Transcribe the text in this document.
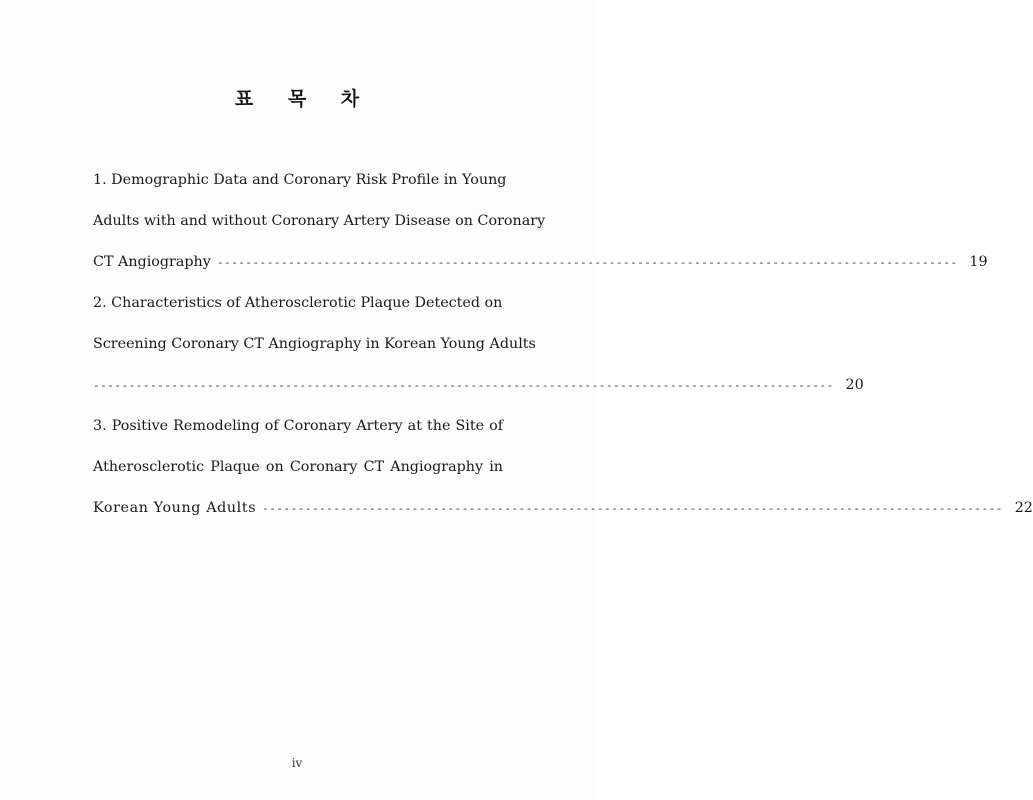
표 목 차
1. Demographic Data and Coronary Risk Profile in Young
Adults with and without Coronary Artery Disease on Coronary
CT Angiography -------------------------------------------------------------------------------------------------------- 19
2. Characteristics of Atherosclerotic Plaque Detected on
Screening Coronary CT Angiography in Korean Young Adults
-------------------------------------------------------------------------------------------------------- 20
3. Positive Remodeling of Coronary Artery at the Site of
Atherosclerotic Plaque on Coronary CT Angiography in
Korean Young Adults -------------------------------------------------------------------------------------------------------- 22
iv
